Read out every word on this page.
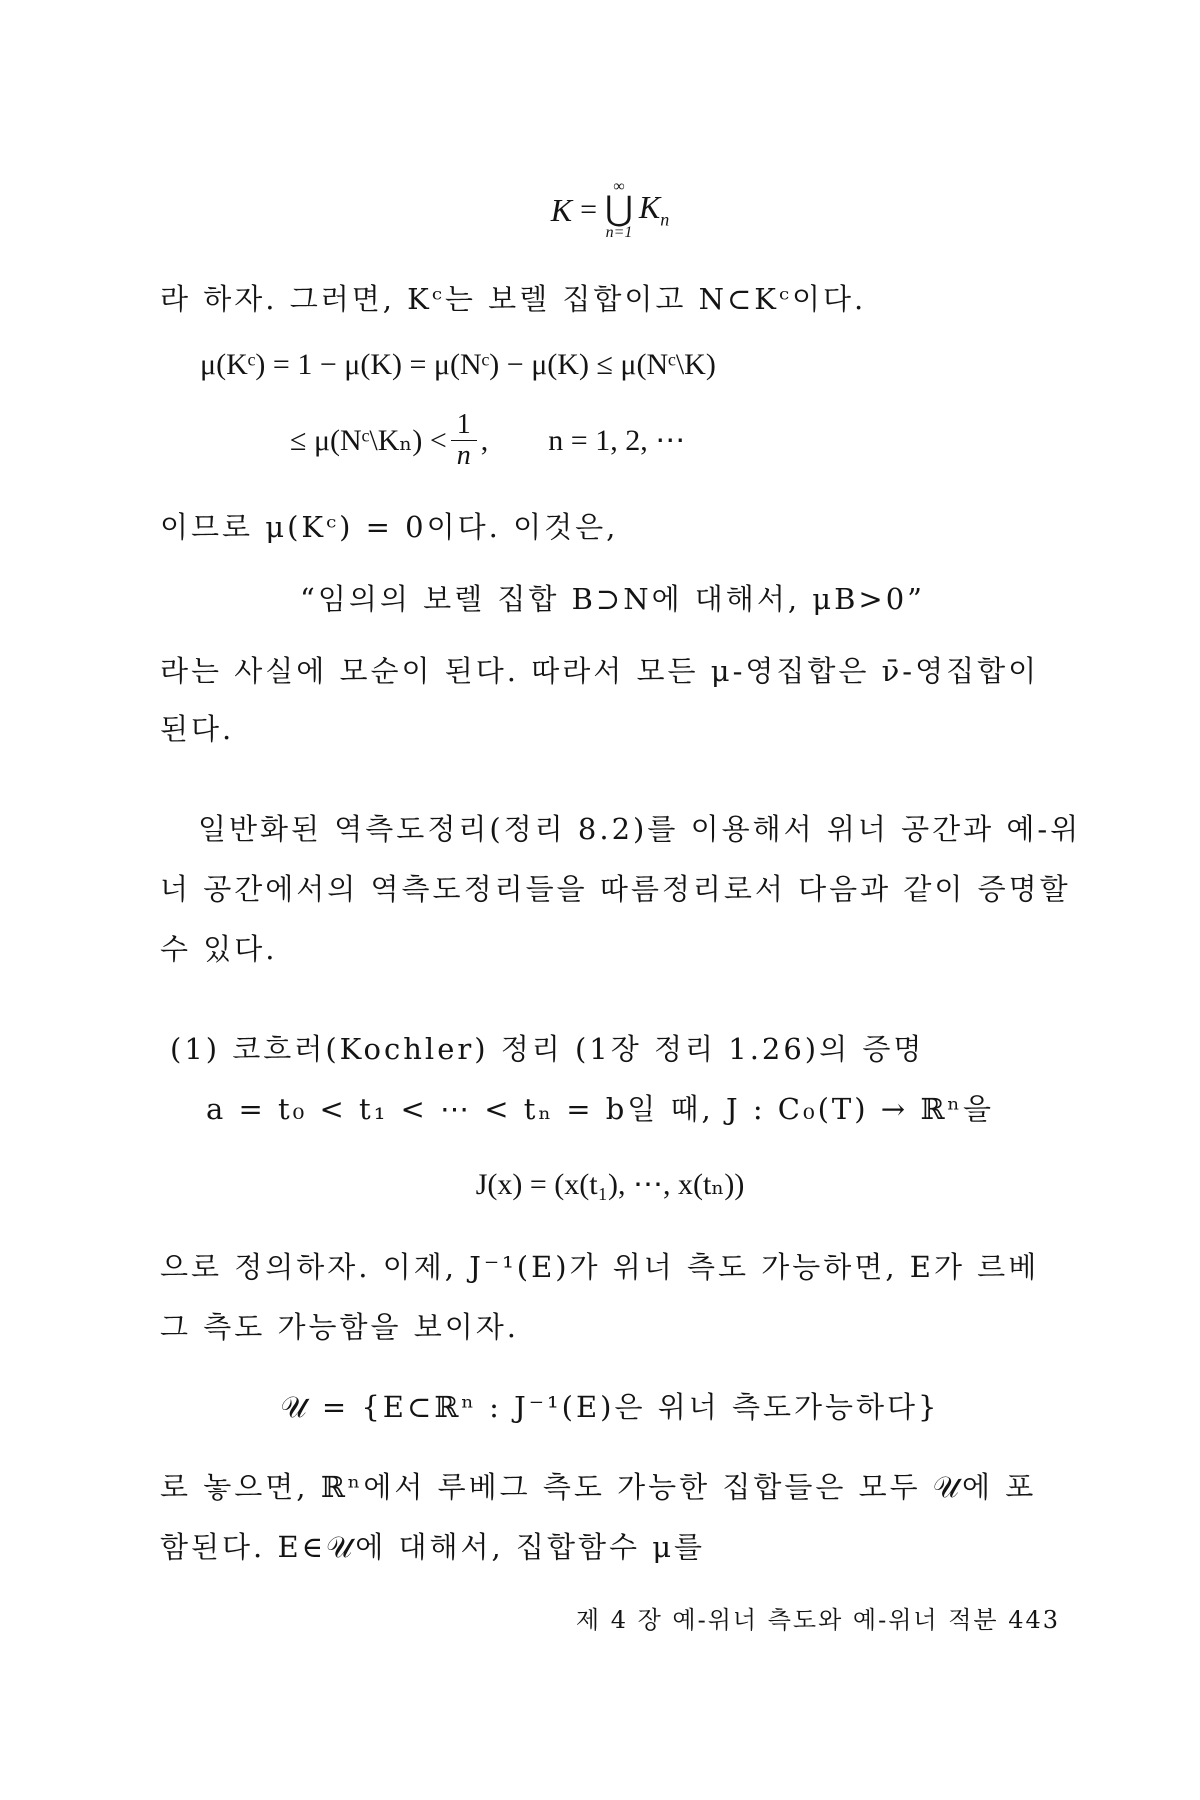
K =
∞
⋃
n=1
$K_n$
라 하자. 그러면, Kᶜ는 보렐 집합이고 N⊂Kᶜ이다.
μ(Kᶜ) = 1 − μ(K) = μ(Nᶜ) − μ(K) ≤ μ(Nᶜ\K)
≤ μ(Nᶜ\Kₙ) < $\frac{1}{n}$ ,        n = 1, 2, ⋯
이므로 μ(Kᶜ) = 0이다. 이것은,
“임의의 보렐 집합 B⊃N에 대해서, μB>0”
라는 사실에 모순이 된다. 따라서 모든 μ-영집합은 ν̄-영집합이
된다.
일반화된 역측도정리(정리 8.2)를 이용해서 위너 공간과 예-위
너 공간에서의 역측도정리들을 따름정리로서 다음과 같이 증명할
수 있다.
(1) 코흐러(Kochler) 정리 (1장 정리 1.26)의 증명
a = t₀ < t₁ < ⋯ < tₙ = b일 때, J : C₀(T) → ℝⁿ을
J(x) = (x(t₁), ⋯, x(tₙ))
으로 정의하자. 이제, J⁻¹(E)가 위너 측도 가능하면, E가 르베
그 측도 가능함을 보이자.
𝒰 = {E⊂ℝⁿ : J⁻¹(E)은 위너 측도가능하다}
로 놓으면, ℝⁿ에서 루베그 측도 가능한 집합들은 모두 𝒰에 포
함된다. E∈𝒰에 대해서, 집합함수 μ를
제 4 장 예-위너 측도와 예-위너 적분 443
